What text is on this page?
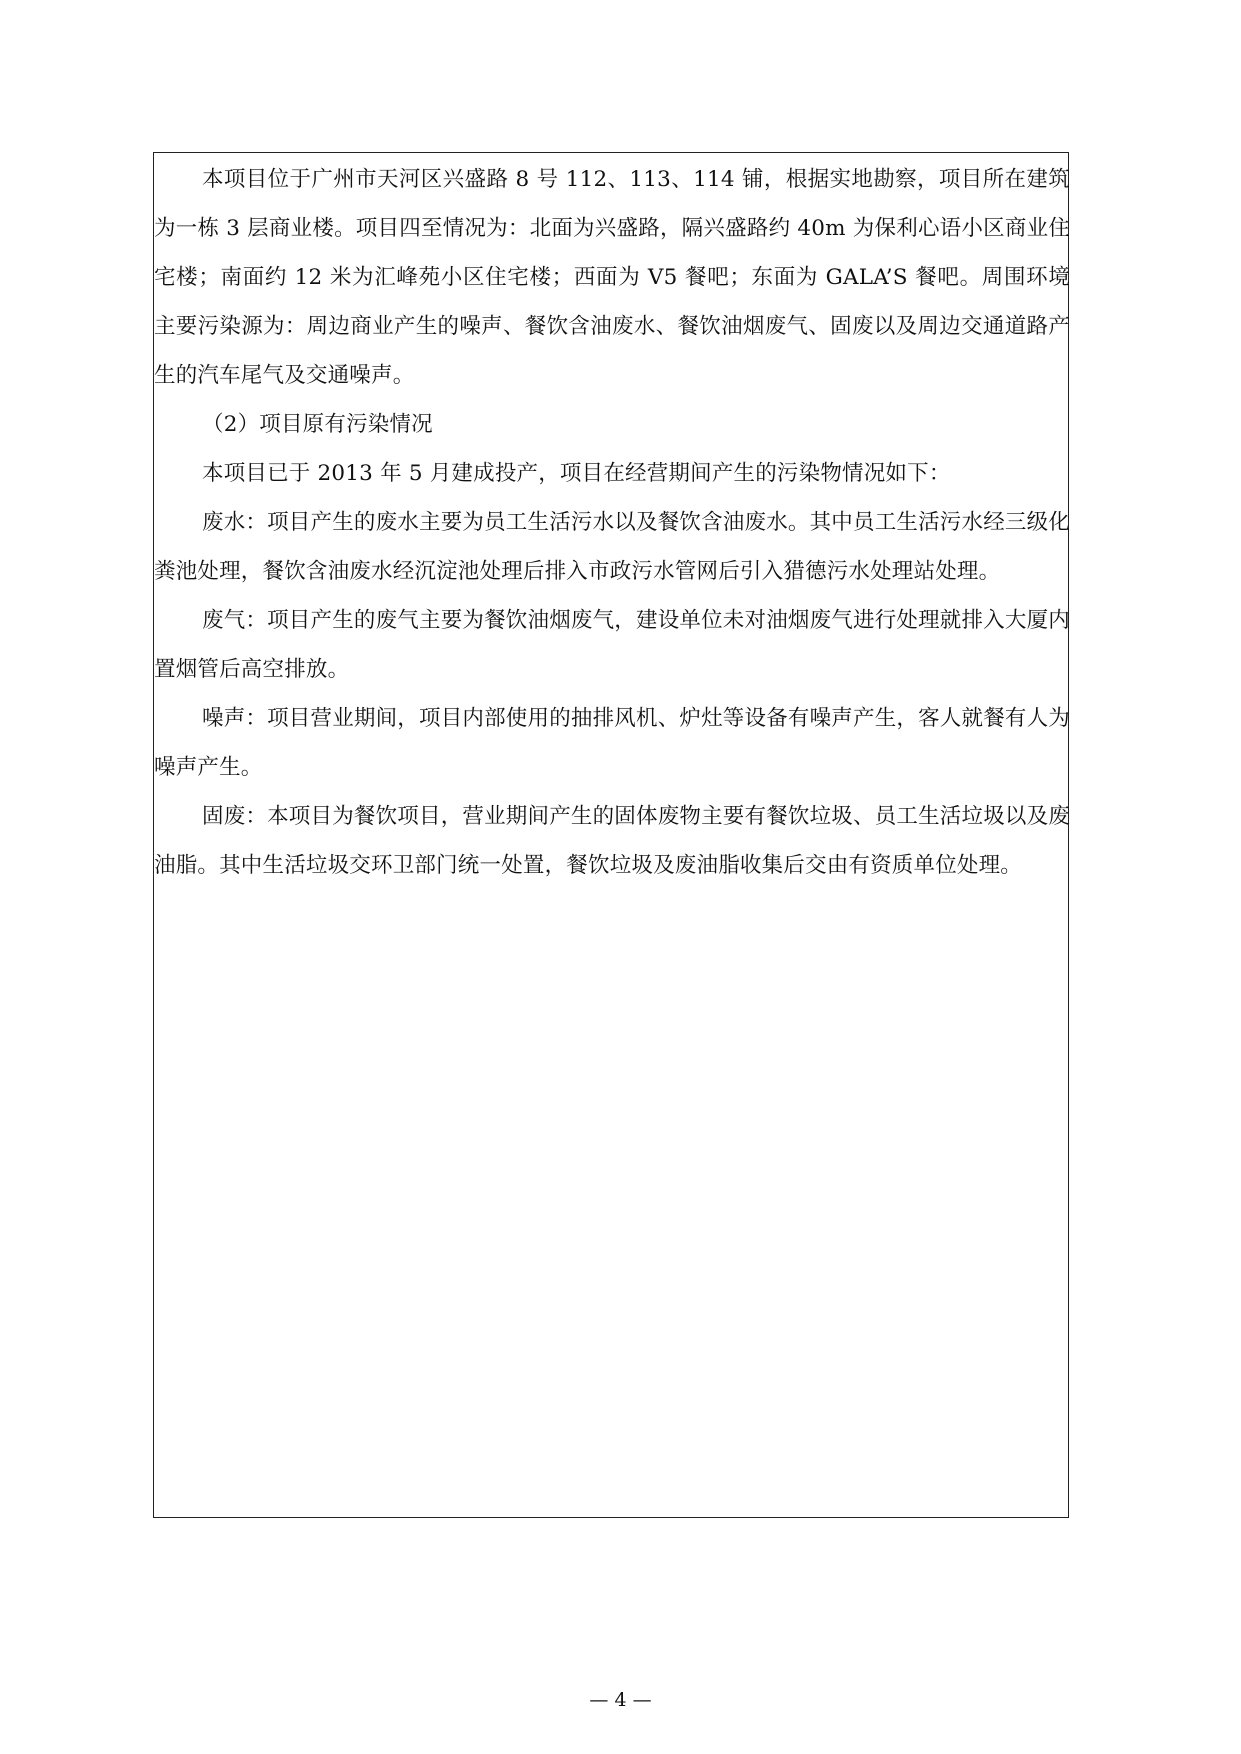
本项目位于广州市天河区兴盛路 8 号 112、113、114 铺，根据实地勘察，项目所在建筑为一栋 3 层商业楼。项目四至情况为：北面为兴盛路，隔兴盛路约 40m 为保利心语小区商业住宅楼；南面约 12 米为汇峰苑小区住宅楼；西面为 V5 餐吧；东面为 GALA’S 餐吧。周围环境主要污染源为：周边商业产生的噪声、餐饮含油废水、餐饮油烟废气、固废以及周边交通道路产生的汽车尾气及交通噪声。

（2）项目原有污染情况

本项目已于 2013 年 5 月建成投产，项目在经营期间产生的污染物情况如下：

废水：项目产生的废水主要为员工生活污水以及餐饮含油废水。其中员工生活污水经三级化粪池处理，餐饮含油废水经沉淀池处理后排入市政污水管网后引入猎德污水处理站处理。

废气：项目产生的废气主要为餐饮油烟废气，建设单位未对油烟废气进行处理就排入大厦内置烟管后高空排放。

噪声：项目营业期间，项目内部使用的抽排风机、炉灶等设备有噪声产生，客人就餐有人为噪声产生。

固废：本项目为餐饮项目，营业期间产生的固体废物主要有餐饮垃圾、员工生活垃圾以及废油脂。其中生活垃圾交环卫部门统一处置，餐饮垃圾及废油脂收集后交由有资质单位处理。

— 4 —
